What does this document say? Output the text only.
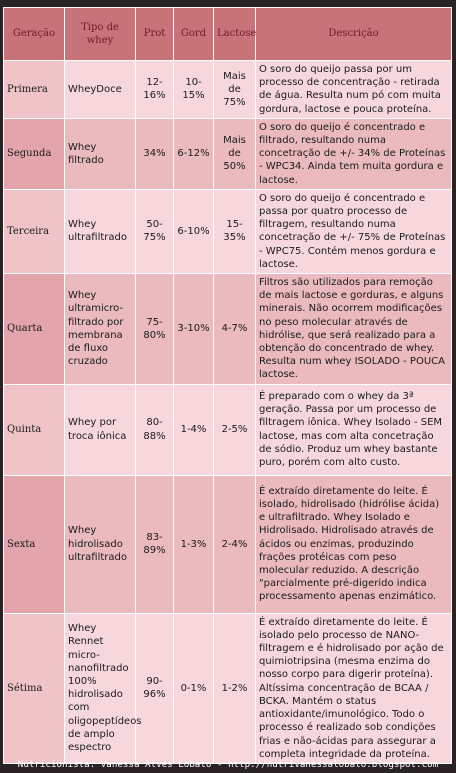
Geração	Tipo de whey	Prot	Gord	Lactose	Descrição
Primera	WheyDoce	12-16%	10-15%	Mais de 75%	O soro do queijo passa por um processo de concentração - retirada de água. Resulta num pó com muita gordura, lactose e pouca proteína.
Segunda	Whey filtrado	34%	6-12%	Mais de 50%	O soro do queijo é concentrado e filtrado, resultando numa concetração de +/- 34% de Proteínas - WPC34. Ainda tem muita gordura e lactose.
Terceira	Whey ultrafiltrado	50-75%	6-10%	15-35%	O soro do queijo é concentrado e passa por quatro processo de filtragem, resultando numa concetração de +/- 75% de Proteínas - WPC75. Contém menos gordura e lactose.
Quarta	Whey ultramicro-filtrado por membrana de fluxo cruzado	75-80%	3-10%	4-7%	Filtros são utilizados para remoção de mais lactose e gorduras, e alguns minerais. Não ocorrem modificações no peso molecular através de hidrólise, que será realizado para a obtenção do concentrado de whey. Resulta num whey ISOLADO - POUCA lactose.
Quinta	Whey por troca iônica	80-88%	1-4%	2-5%	É preparado com o whey da 3ª geração. Passa por um processo de filtragem iônica. Whey Isolado - SEM lactose, mas com alta concetração de sódio. Produz um whey bastante puro, porém com alto custo.
Sexta	Whey hidrolisado ultrafiltrado	83-89%	1-3%	2-4%	É extraído diretamente do leite. É isolado, hidrolisado (hidrólise ácida) e ultrafiltrado. Whey Isolado e Hidrolisado. Hidrolisado através de ácidos ou enzimas, produzindo frações protéicas com peso molecular reduzido. A descrição "parcialmente pré-digerido indica processamento apenas enzimático.
Sétima	Whey Rennet micro-nanofiltrado 100% hidrolisado com oligopeptídeos de amplo espectro	90-96%	0-1%	1-2%	É extraído diretamente do leite. É isolado pelo processo de NANO-filtragem e é hidrolisado por ação de quimiotripsina (mesma enzima do nosso corpo para digerir proteína). Altíssima concentração de BCAA / BCKA. Mantém o status antioxidante/imunológico. Todo o processo é realizado sob condições frias e não-ácidas para assegurar a completa integridade da proteína.
Nutricionista: Vanessa Alves Lobato - http://nutrivanessalobato.blogspot.com
